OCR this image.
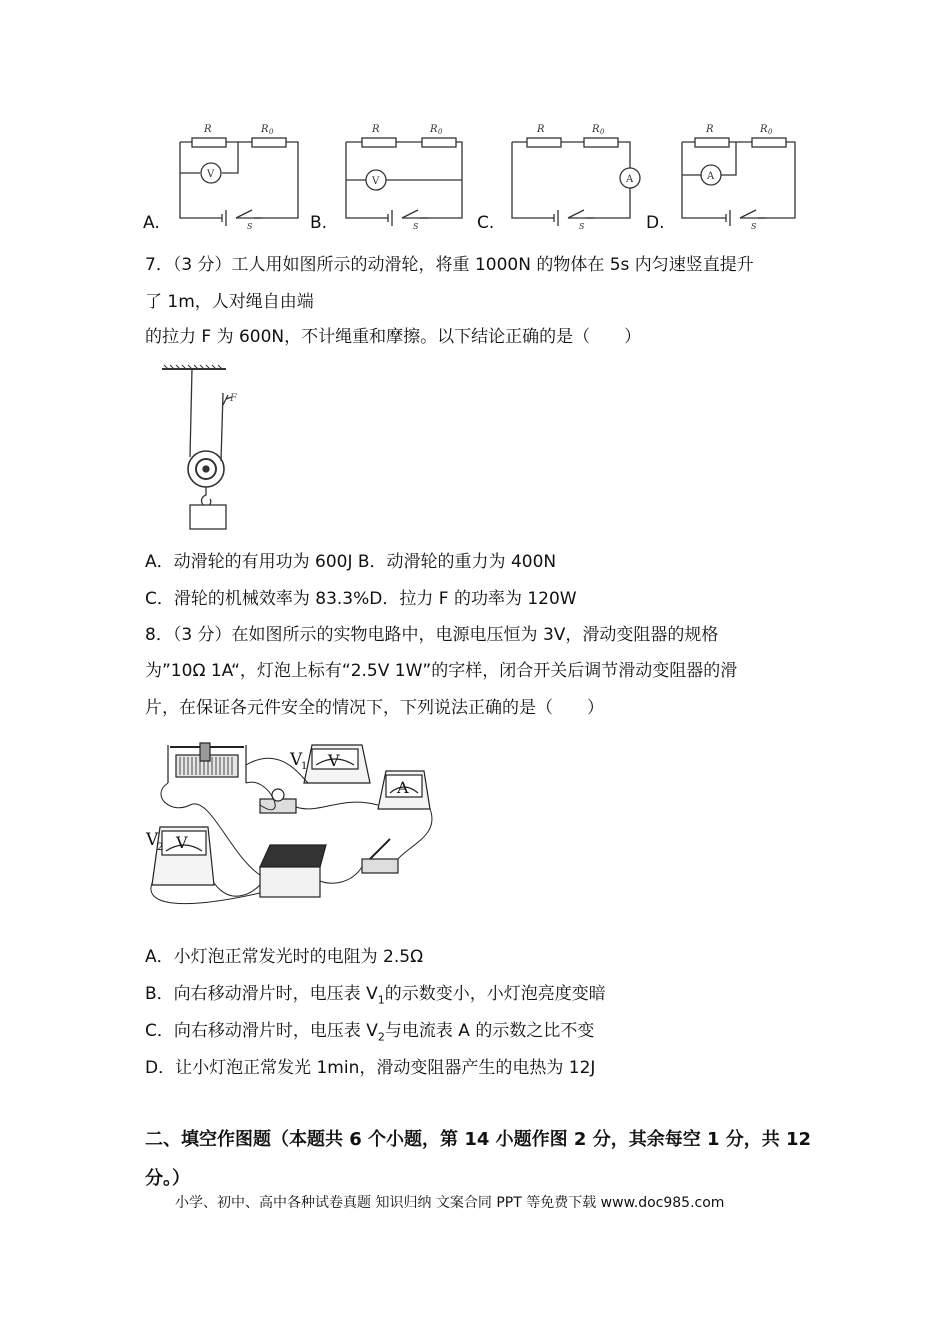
A.	B.	C.	D.
R	R 0
V
S
R	R 0
V
S
R	R 0
A
S
R	R 0
A
S
7．（3 分）工人用如图所示的动滑轮，将重 1000N 的物体在 5s 内匀速竖直提升
了 1m，人对绳自由端
的拉力 F 为 600N，不计绳重和摩擦。以下结论正确的是（　　）
F
A．动滑轮的有用功为 600J B．动滑轮的重力为 400N
C．滑轮的机械效率为 83.3%D．拉力 F 的功率为 120W
8．（3 分）在如图所示的实物电路中，电源电压恒为 3V，滑动变阻器的规格
为”10Ω 1A“，灯泡上标有“2.5V 1W”的字样，闭合开关后调节滑动变阻器的滑
片，在保证各元件安全的情况下，下列说法正确的是（　　）
V
1 V
A
V
2 V
A．小灯泡正常发光时的电阻为 2.5Ω
B．向右移动滑片时，电压表 $V_1$的示数变小，小灯泡亮度变暗
C．向右移动滑片时，电压表 $V_2$与电流表 A 的示数之比不变
D．让小灯泡正常发光 1min，滑动变阻器产生的电热为 12J
二、填空作图题（本题共 6 个小题，第 14 小题作图 2 分，其余每空 1 分，共 12
分。）
小学、初中、高中各种试卷真题 知识归纳 文案合同 PPT 等免费下载 www.doc985.com
